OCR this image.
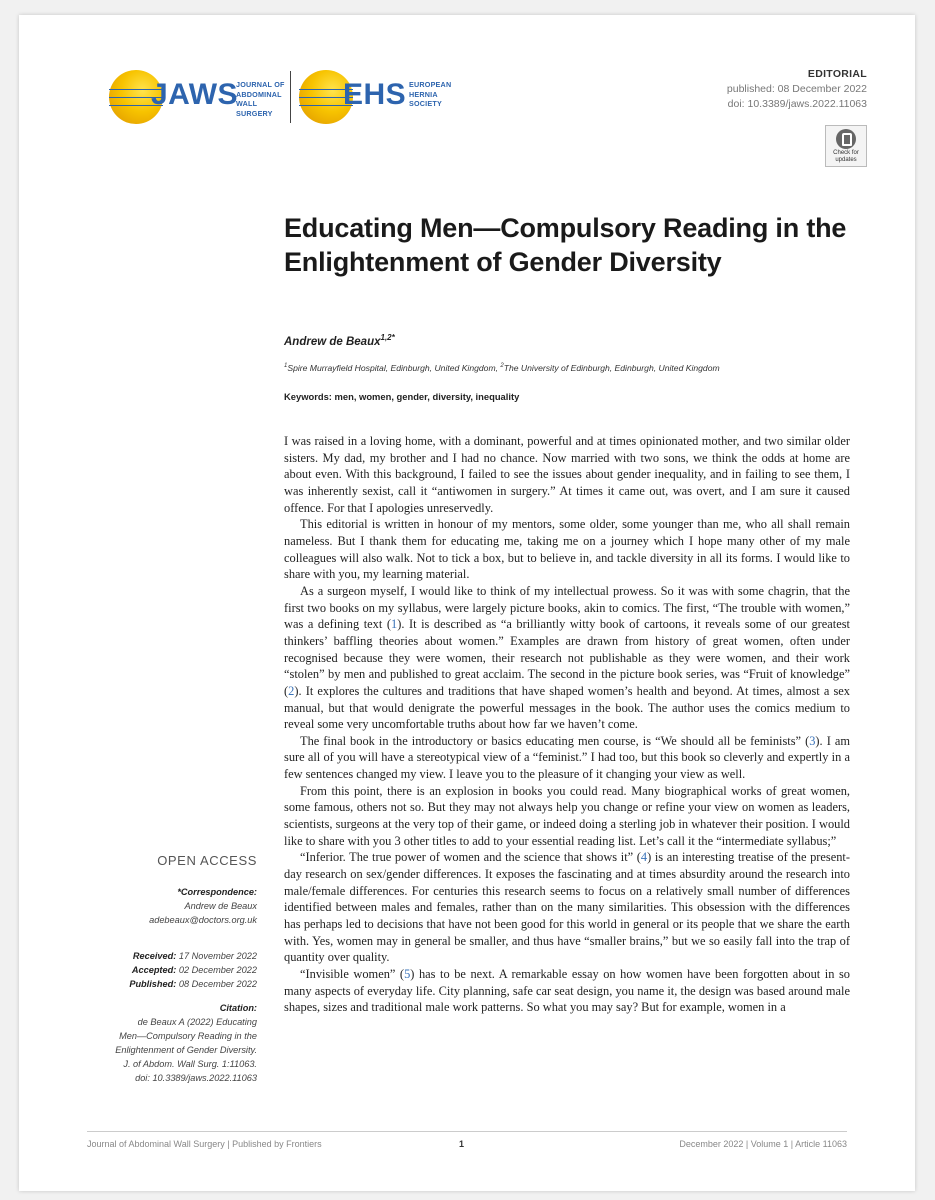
JAWS
JOURNAL OF
ABDOMINAL
WALL SURGERY
EHS EUROPEAN
HERNIA
SOCIETY
EDITORIAL
published: 08 December 2022
doi: 10.3389/jaws.2022.11063
Check for
updates
Educating Men—Compulsory Reading in the Enlightenment of Gender Diversity
Andrew de Beaux$^{1,2*}$
$^1$Spire Murrayfield Hospital, Edinburgh, United Kingdom, $^2$The University of Edinburgh, Edinburgh, United Kingdom
Keywords: men, women, gender, diversity, inequality

I was raised in a loving home, with a dominant, powerful and at times opinionated mother, and two similar older sisters. My dad, my brother and I had no chance. Now married with two sons, we think the odds at home are about even. With this background, I failed to see the issues about gender inequality, and in failing to see them, I was inherently sexist, call it “antiwomen in surgery.” At times it came out, was overt, and I am sure it caused offence. For that I apologies unreservedly.

This editorial is written in honour of my mentors, some older, some younger than me, who all shall remain nameless. But I thank them for educating me, taking me on a journey which I hope many other of my male colleagues will also walk. Not to tick a box, but to believe in, and tackle diversity in all its forms. I would like to share with you, my learning material.

As a surgeon myself, I would like to think of my intellectual prowess. So it was with some chagrin, that the first two books on my syllabus, were largely picture books, akin to comics. The first, “The trouble with women,” was a defining text (1). It is described as “a brilliantly witty book of cartoons, it reveals some of our greatest thinkers’ baffling theories about women.” Examples are drawn from history of great women, often under recognised because they were women, their research not publishable as they were women, and their work “stolen” by men and published to great acclaim. The second in the picture book series, was “Fruit of knowledge” (2). It explores the cultures and traditions that have shaped women’s health and beyond. At times, almost a sex manual, but that would denigrate the powerful messages in the book. The author uses the comics medium to reveal some very uncomfortable truths about how far we haven’t come.

The final book in the introductory or basics educating men course, is “We should all be feminists” (3). I am sure all of you will have a stereotypical view of a “feminist.” I had too, but this book so cleverly and expertly in a few sentences changed my view. I leave you to the pleasure of it changing your view as well.

From this point, there is an explosion in books you could read. Many biographical works of great women, some famous, others not so. But they may not always help you change or refine your view on women as leaders, scientists, surgeons at the very top of their game, or indeed doing a sterling job in whatever their position. I would like to share with you 3 other titles to add to your essential reading list. Let’s call it the “intermediate syllabus;”

“Inferior. The true power of women and the science that shows it” (4) is an interesting treatise of the present-day research on sex/gender differences. It exposes the fascinating and at times absurdity around the research into male/female differences. For centuries this research seems to focus on a relatively small number of differences identified between males and females, rather than on the many similarities. This obsession with the differences has perhaps led to decisions that have not been good for this world in general or its people that we share the earth with. Yes, women may in general be smaller, and thus have “smaller brains,” but we so easily fall into the trap of quantity over quality.

“Invisible women” (5) has to be next. A remarkable essay on how women have been forgotten about in so many aspects of everyday life. City planning, safe car seat design, you name it, the design was based around male shapes, sizes and traditional male work patterns. So what you may say? But for example, women in a

OPEN ACCESS
*Correspondence:
Andrew de Beaux
adebeaux@doctors.org.uk
Received: 17 November 2022
Accepted: 02 December 2022
Published: 08 December 2022
Citation:
de Beaux A (2022) Educating
Men—Compulsory Reading in the
Enlightenment of Gender Diversity.
J. of Abdom. Wall Surg. 1:11063.
doi: 10.3389/jaws.2022.11063
Journal of Abdominal Wall Surgery | Published by Frontiers	1	December 2022 | Volume 1 | Article 11063
